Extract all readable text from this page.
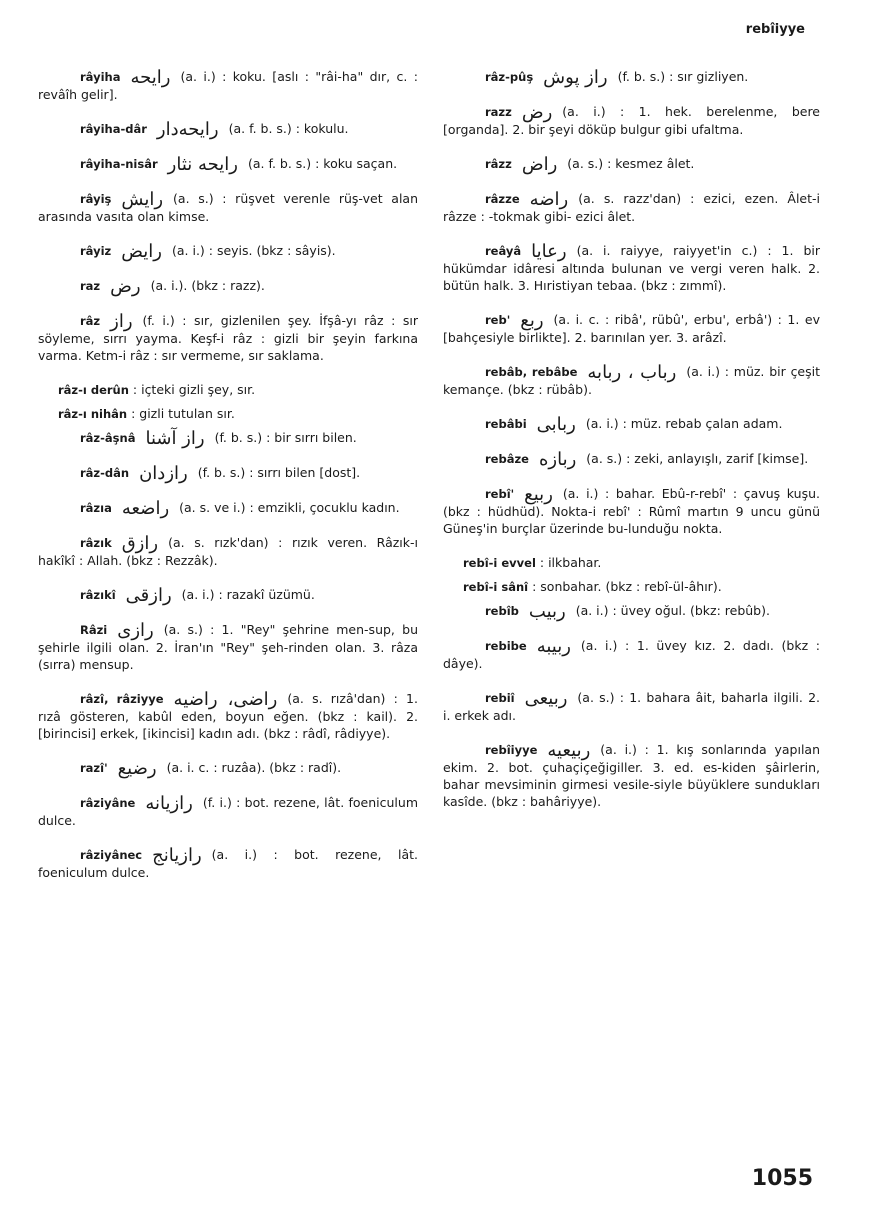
rebîiyye
râyiha رايحه (a. i.) : koku. [aslı : "râi-ha" dır, c. : revâîh gelir].
râyiha-dâr رايحه‌دار (a. f. b. s.) : kokulu.
râyiha-nisâr رايحه نثار (a. f. b. s.) : koku saçan.
râyiş رايش (a. s.) : rüşvet verenle rüş-vet alan arasında vasıta olan kimse.
râyiz رايض (a. i.) : seyis. (bkz : sâyis).
raz رض (a. i.). (bkz : razz).
râz راز (f. i.) : sır, gizlenilen şey. İfşâ-yı râz : sır söyleme, sırrı yayma. Keşf-i râz : gizli bir şeyin farkına varma. Ketm-i râz : sır vermeme, sır saklama.
râz-ı derûn : içteki gizli şey, sır.
râz-ı nihân : gizli tutulan sır.
râz-âşnâ راز آشنا (f. b. s.) : bir sırrı bilen.
râz-dân رازدان (f. b. s.) : sırrı bilen [dost].
râzıa راضعه (a. s. ve i.) : emzikli, çocuklu kadın.
râzık رازق (a. s. rızk'dan) : rızık veren. Râzık-ı hakîkî : Allah. (bkz : Rezzâk).
râzıkî رازقى (a. i.) : razakî üzümü.
Râzi رازى (a. s.) : 1. "Rey" şehrine men-sup, bu şehirle ilgili olan. 2. İran'ın "Rey" şeh-rinden olan. 3. râza (sırra) mensup.
râzî, râziyye راضى، راضيه (a. s. rızâ'dan) : 1. rızâ gösteren, kabûl eden, boyun eğen. (bkz : kail). 2. [birincisi] erkek, [ikincisi] kadın adı. (bkz : râdî, râdiyye).
razî' رضيع (a. i. c. : ruzâa). (bkz : radî).
râziyâne رازيانه (f. i.) : bot. rezene, lât. foeniculum dulce.
râziyânec رازيانج (a. i.) : bot. rezene, lât. foeniculum dulce.
râz-pûş راز پوش (f. b. s.) : sır gizliyen.
razz رض (a. i.) : 1. hek. berelenme, bere [organda]. 2. bir şeyi döküp bulgur gibi ufaltma.
râzz راض (a. s.) : kesmez âlet.
râzze راضه (a. s. razz'dan) : ezici, ezen. Âlet-i râzze : -tokmak gibi- ezici âlet.
reâyâ رعايا (a. i. raiyye, raiyyet'in c.) : 1. bir hükümdar idâresi altında bulunan ve vergi veren halk. 2. bütün halk. 3. Hıristiyan tebaa. (bkz : zımmî).
reb' ربع (a. i. c. : ribâ', rübû', erbu', erbâ') : 1. ev [bahçesiyle birlikte]. 2. barınılan yer. 3. arâzî.
rebâb, rebâbe رباب ، ربابه (a. i.) : müz. bir çeşit kemançe. (bkz : rübâb).
rebâbi ربابى (a. i.) : müz. rebab çalan adam.
rebâze ربازه (a. s.) : zeki, anlayışlı, zarif [kimse].
rebî' ربيع (a. i.) : bahar. Ebû-r-rebî' : çavuş kuşu. (bkz : hüdhüd). Nokta-i rebî' : Rûmî martın 9 uncu günü Güneş'in burçlar üzerinde bu-lunduğu nokta.
rebî-i evvel : ilkbahar.
rebî-i sânî : sonbahar. (bkz : rebî-ül-âhır).
rebîb ربيب (a. i.) : üvey oğul. (bkz: rebûb).
rebibe ربيبه (a. i.) : 1. üvey kız. 2. dadı. (bkz : dâye).
rebiî ربيعى (a. s.) : 1. bahara âit, baharla ilgili. 2. i. erkek adı.
rebîiyye ربيعيه (a. i.) : 1. kış sonlarında yapılan ekim. 2. bot. çuhaçiçeğigiller. 3. ed. es-kiden şâirlerin, bahar mevsiminin girmesi vesile-siyle büyüklere sundukları kasîde. (bkz : bahâriyye).
1055
